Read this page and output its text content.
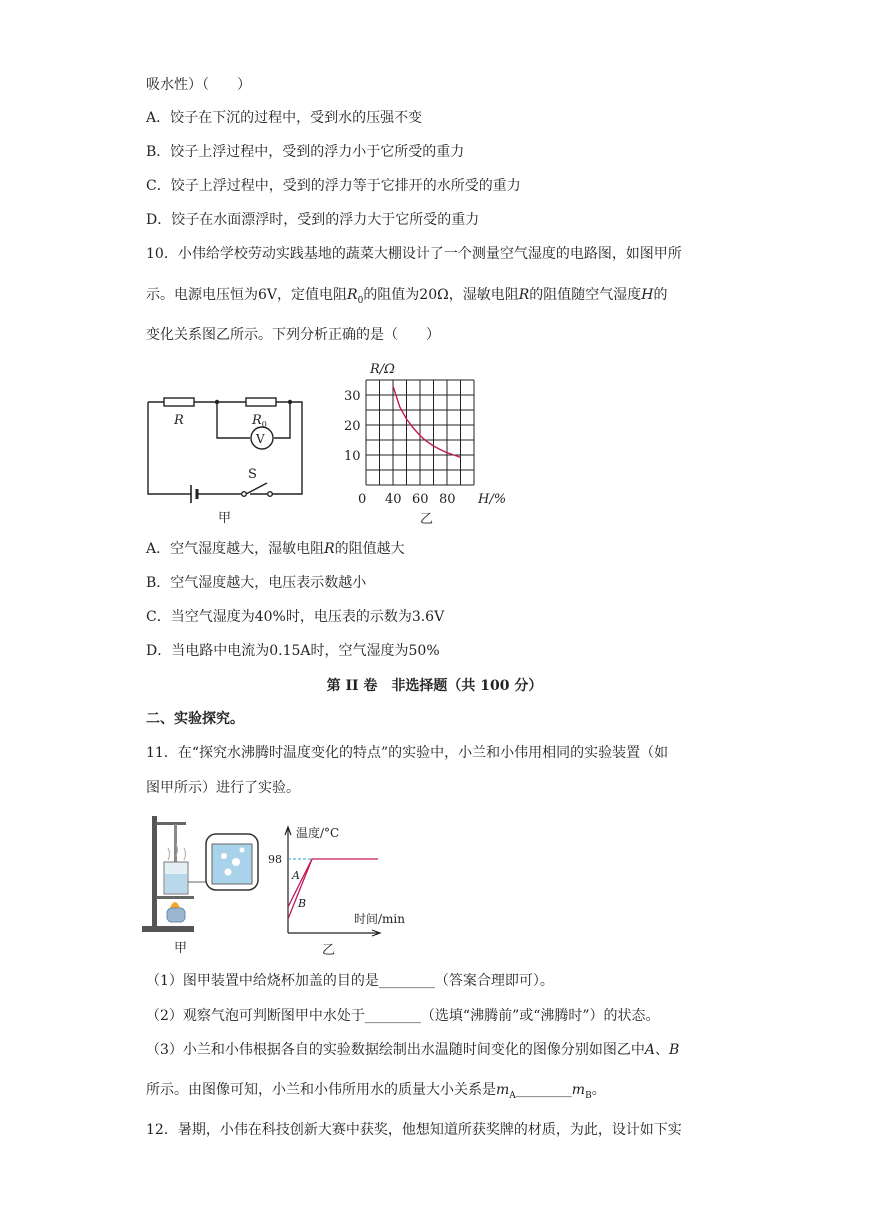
吸水性）（　　）
A．饺子在下沉的过程中，受到水的压强不变
B．饺子上浮过程中，受到的浮力小于它所受的重力
C．饺子上浮过程中，受到的浮力等于它排开的水所受的重力
D．饺子在水面漂浮时，受到的浮力大于它所受的重力
10．小伟给学校劳动实践基地的蔬菜大棚设计了一个测量空气湿度的电路图，如图甲所
示。电源电压恒为6V，定值电阻$R_0$的阻值为20Ω，湿敏电阻R的阻值随空气湿度H的
变化关系图乙所示。下列分析正确的是（　　）
R	$R_0$
V
S
甲
0 40 60 80
10
20
30
R/Ω
H/%
乙
A．空气湿度越大，湿敏电阻R的阻值越大
B．空气湿度越大，电压表示数越小
C．当空气湿度为40%时，电压表的示数为3.6V
D．当电路中电流为0.15A时，空气湿度为50%
第 II 卷　非选择题（共 100 分）
二、实验探究。
11．在“探究水沸腾时温度变化的特点”的实验中，小兰和小伟用相同的实验装置（如
图甲所示）进行了实验。
甲
温度/°C
98
A
B
时间/min
乙
（1）图甲装置中给烧杯加盖的目的是________（答案合理即可）。
（2）观察气泡可判断图甲中水处于________（选填“沸腾前”或“沸腾时”）的状态。
（3）小兰和小伟根据各自的实验数据绘制出水温随时间变化的图像分别如图乙中A、B
所示。由图像可知，小兰和小伟所用水的质量大小关系是$m_A\_\_\_\_\_\_\_\_m_B$。
12．暑期，小伟在科技创新大赛中获奖，他想知道所获奖牌的材质，为此，设计如下实
